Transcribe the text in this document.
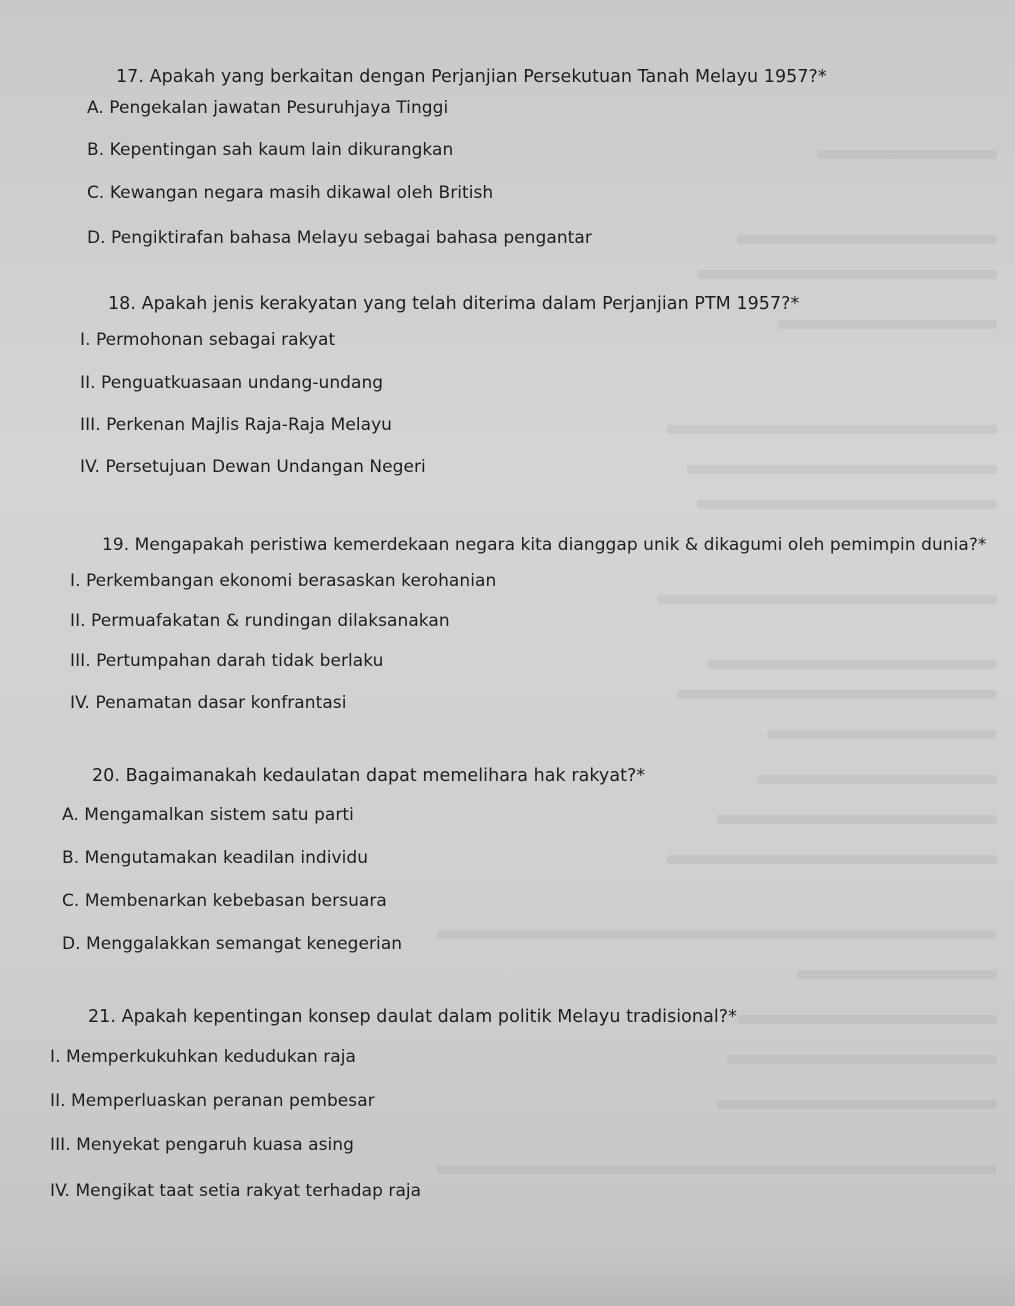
17. Apakah yang berkaitan dengan Perjanjian Persekutuan Tanah Melayu 1957?*
A. Pengekalan jawatan Pesuruhjaya Tinggi
B. Kepentingan sah kaum lain dikurangkan
C. Kewangan negara masih dikawal oleh British
D. Pengiktirafan bahasa Melayu sebagai bahasa pengantar
18. Apakah jenis kerakyatan yang telah diterima dalam Perjanjian PTM 1957?*
I. Permohonan sebagai rakyat
II. Penguatkuasaan undang-undang
III. Perkenan Majlis Raja-Raja Melayu
IV. Persetujuan Dewan Undangan Negeri
19. Mengapakah peristiwa kemerdekaan negara kita dianggap unik & dikagumi oleh pemimpin dunia?*
I. Perkembangan ekonomi berasaskan kerohanian
II. Permuafakatan & rundingan dilaksanakan
III. Pertumpahan darah tidak berlaku
IV. Penamatan dasar konfrantasi
20. Bagaimanakah kedaulatan dapat memelihara hak rakyat?*
A. Mengamalkan sistem satu parti
B. Mengutamakan keadilan individu
C. Membenarkan kebebasan bersuara
D. Menggalakkan semangat kenegerian
21. Apakah kepentingan konsep daulat dalam politik Melayu tradisional?*
I. Memperkukuhkan kedudukan raja
II. Memperluaskan peranan pembesar
III. Menyekat pengaruh kuasa asing
IV. Mengikat taat setia rakyat terhadap raja
